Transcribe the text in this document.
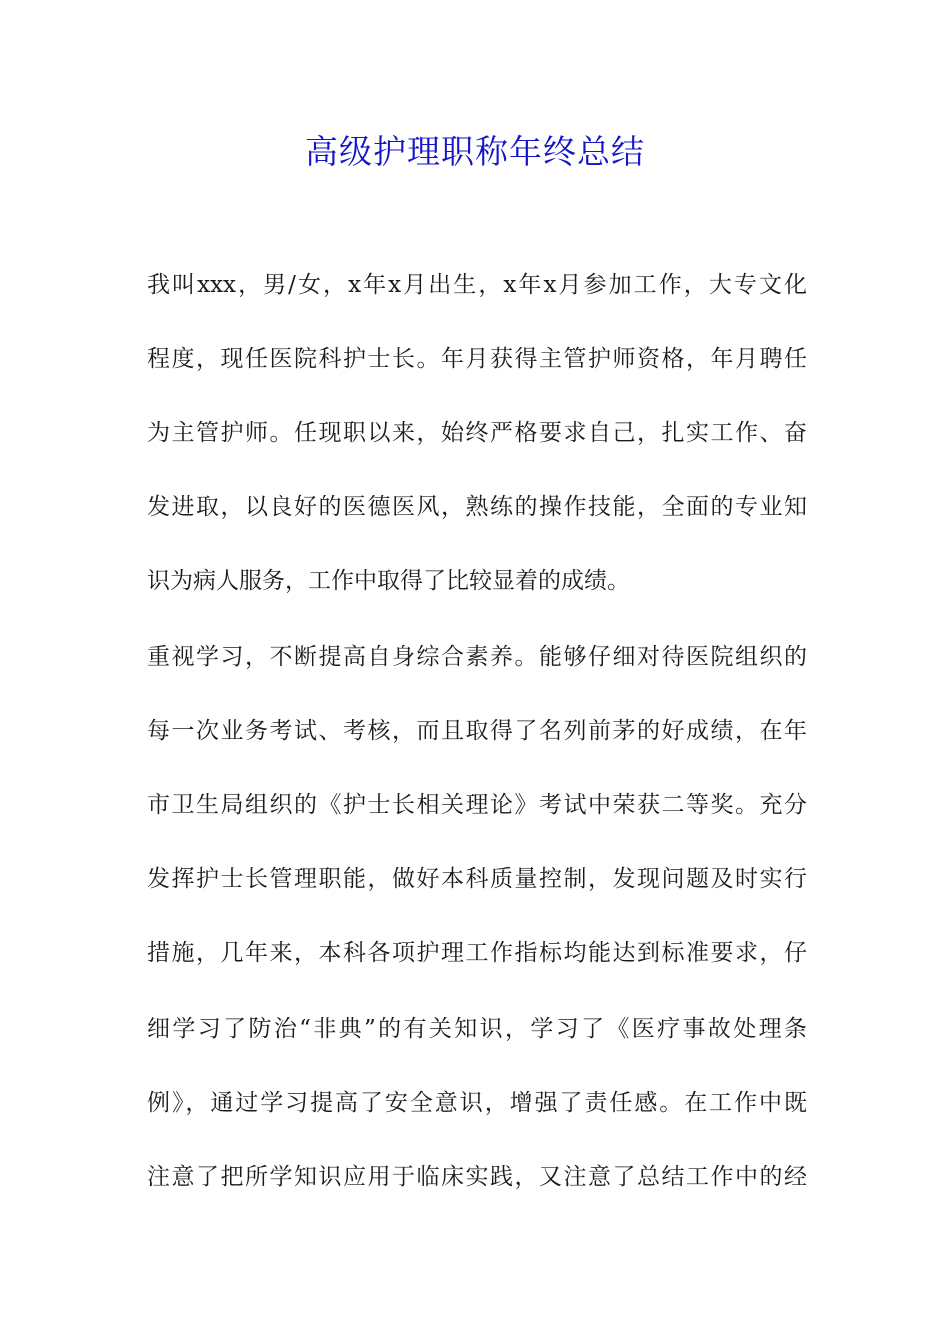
高级护理职称年终总结
我叫xxx，男/女，x年x月出生，x年x月参加工作，大专文化
程度，现任医院科护士长。年月获得主管护师资格，年月聘任
为主管护师。任现职以来，始终严格要求自己，扎实工作、奋
发进取，以良好的医德医风，熟练的操作技能，全面的专业知
识为病人服务，工作中取得了比较显着的成绩。
重视学习，不断提高自身综合素养。能够仔细对待医院组织的
每一次业务考试、考核，而且取得了名列前茅的好成绩，在年
市卫生局组织的《护士长相关理论》考试中荣获二等奖。充分
发挥护士长管理职能，做好本科质量控制，发现问题及时实行
措施，几年来，本科各项护理工作指标均能达到标准要求，仔
细学习了防治“非典”的有关知识，学习了《医疗事故处理条
例》，通过学习提高了安全意识，增强了责任感。在工作中既
注意了把所学知识应用于临床实践，又注意了总结工作中的经
